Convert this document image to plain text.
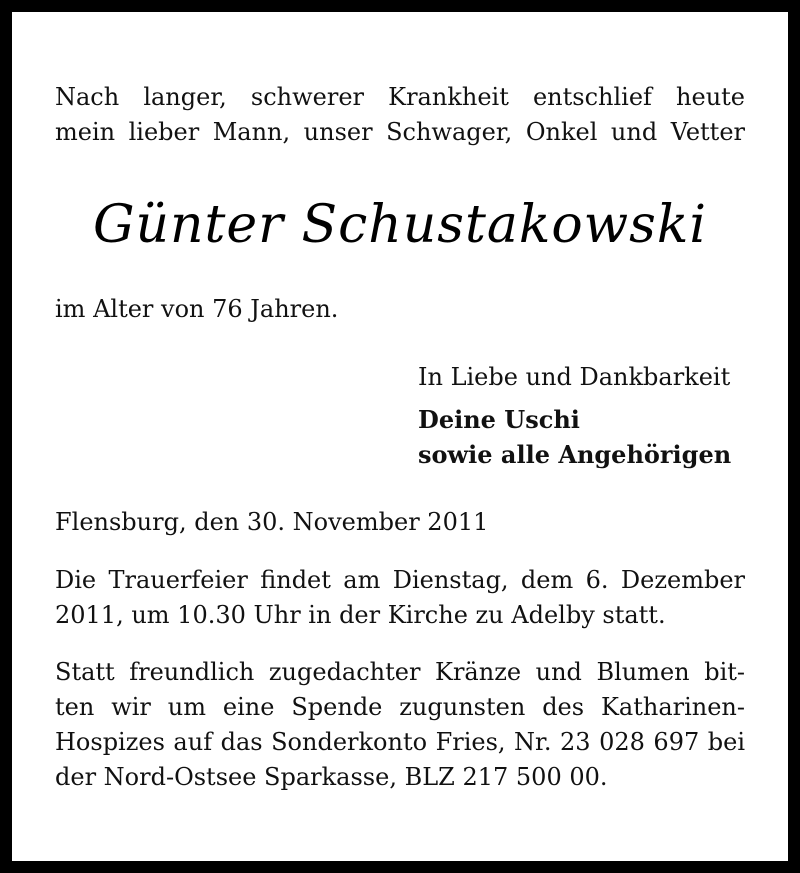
Nach langer, schwerer Krankheit entschlief heute
mein lieber Mann, unser Schwager, Onkel und Vetter
Günter Schustakowski
im Alter von 76 Jahren.
In Liebe und Dankbarkeit
Deine Uschi
sowie alle Angehörigen
Flensburg, den 30. November 2011
Die Trauerfeier findet am Dienstag, dem 6. Dezember
2011, um 10.30 Uhr in der Kirche zu Adelby statt.
Statt freundlich zugedachter Kränze und Blumen bit-
ten wir um eine Spende zugunsten des Katharinen-
Hospizes auf das Sonderkonto Fries, Nr. 23 028 697 bei
der Nord-Ostsee Sparkasse, BLZ 217 500 00.
